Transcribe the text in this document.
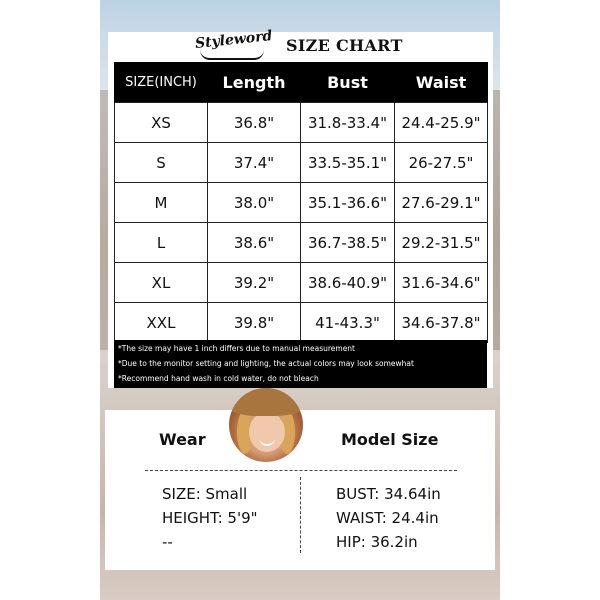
Styleword SIZE CHART
SIZE(INCH)	Length	Bust	Waist
XS	36.8"	31.8-33.4"	24.4-25.9"
S	37.4"	33.5-35.1"	26-27.5"
M	38.0"	35.1-36.6"	27.6-29.1"
L	38.6"	36.7-38.5"	29.2-31.5"
XL	39.2"	38.6-40.9"	31.6-34.6"
XXL	39.8"	41-43.3"	34.6-37.8"
*The size may have 1 inch differs due to manual measurement
*Due to the monitor setting and lighting, the actual colors may look somewhat
*Recommend hand wash in cold water, do not bleach
Wear	Model Size
SIZE: Small
HEIGHT: 5'9"
--
BUST: 34.64in
WAIST: 24.4in
HIP: 36.2in
